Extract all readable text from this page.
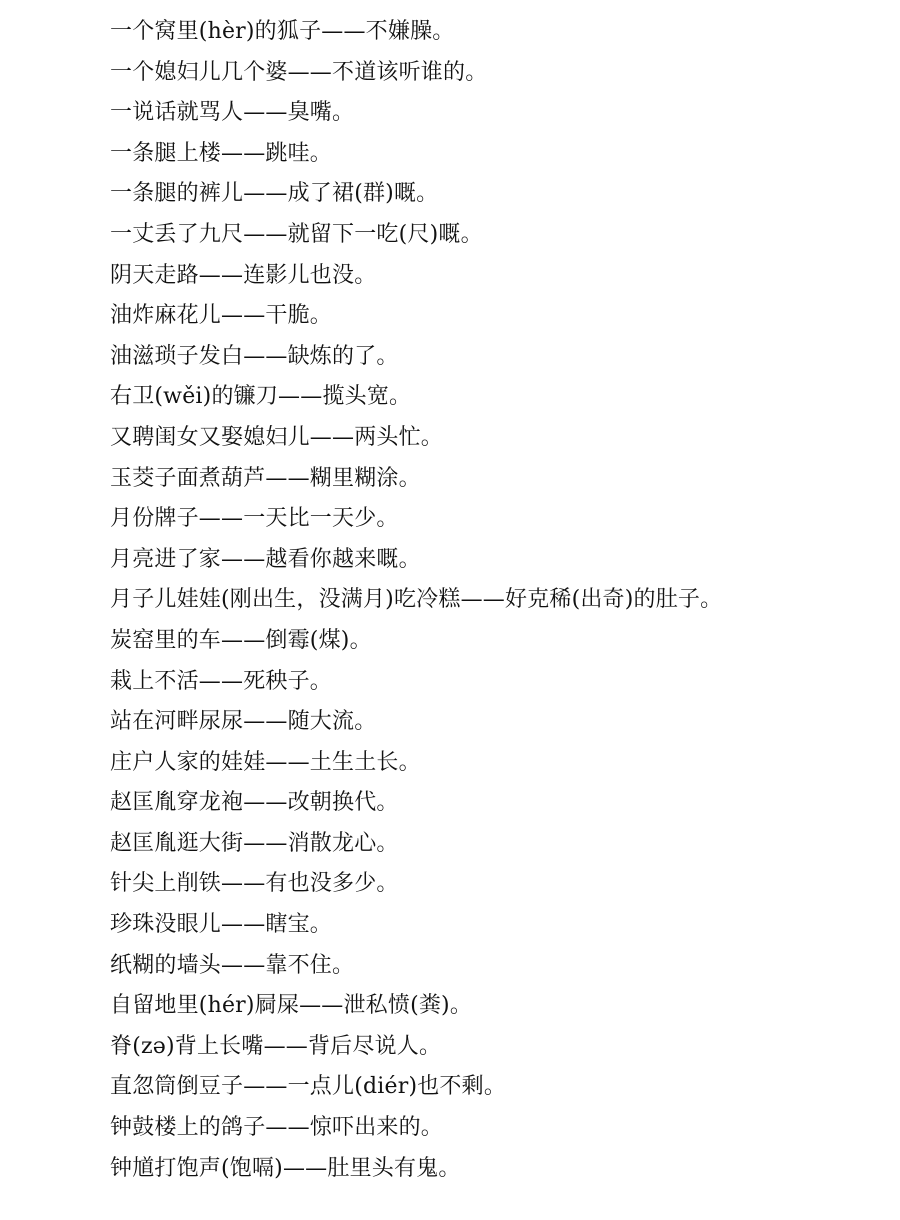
一个窝里(hèr)的狐子——不嫌臊。
一个媳妇儿几个婆——不道该听谁的。
一说话就骂人——臭嘴。
一条腿上楼——跳哇。
一条腿的裤儿——成了裙(群)嘅。
一丈丢了九尺——就留下一吃(尺)嘅。
阴天走路——连影儿也没。
油炸麻花儿——干脆。
油滋琐子发白——缺炼的了。
右卫(wěi)的镰刀——揽头宽。
又聘闺女又娶媳妇儿——两头忙。
玉茭子面煮葫芦——糊里糊涂。
月份牌子——一天比一天少。
月亮进了家——越看你越来嘅。
月子儿娃娃(刚出生，没满月)吃冷糕——好克稀(出奇)的肚子。
炭窑里的车——倒霉(煤)。
栽上不活——死秧子。
站在河畔尿尿——随大流。
庄户人家的娃娃——土生土长。
赵匡胤穿龙袍——改朝换代。
赵匡胤逛大街——消散龙心。
针尖上削铁——有也没多少。
珍珠没眼儿——瞎宝。
纸糊的墙头——靠不住。
自留地里(hér)屙屎——泄私愤(粪)。
脊(zə)背上长嘴——背后尽说人。
直忽筒倒豆子——一点儿(diér)也不剩。
钟鼓楼上的鸽子——惊吓出来的。
钟馗打饱声(饱嗝)——肚里头有鬼。
